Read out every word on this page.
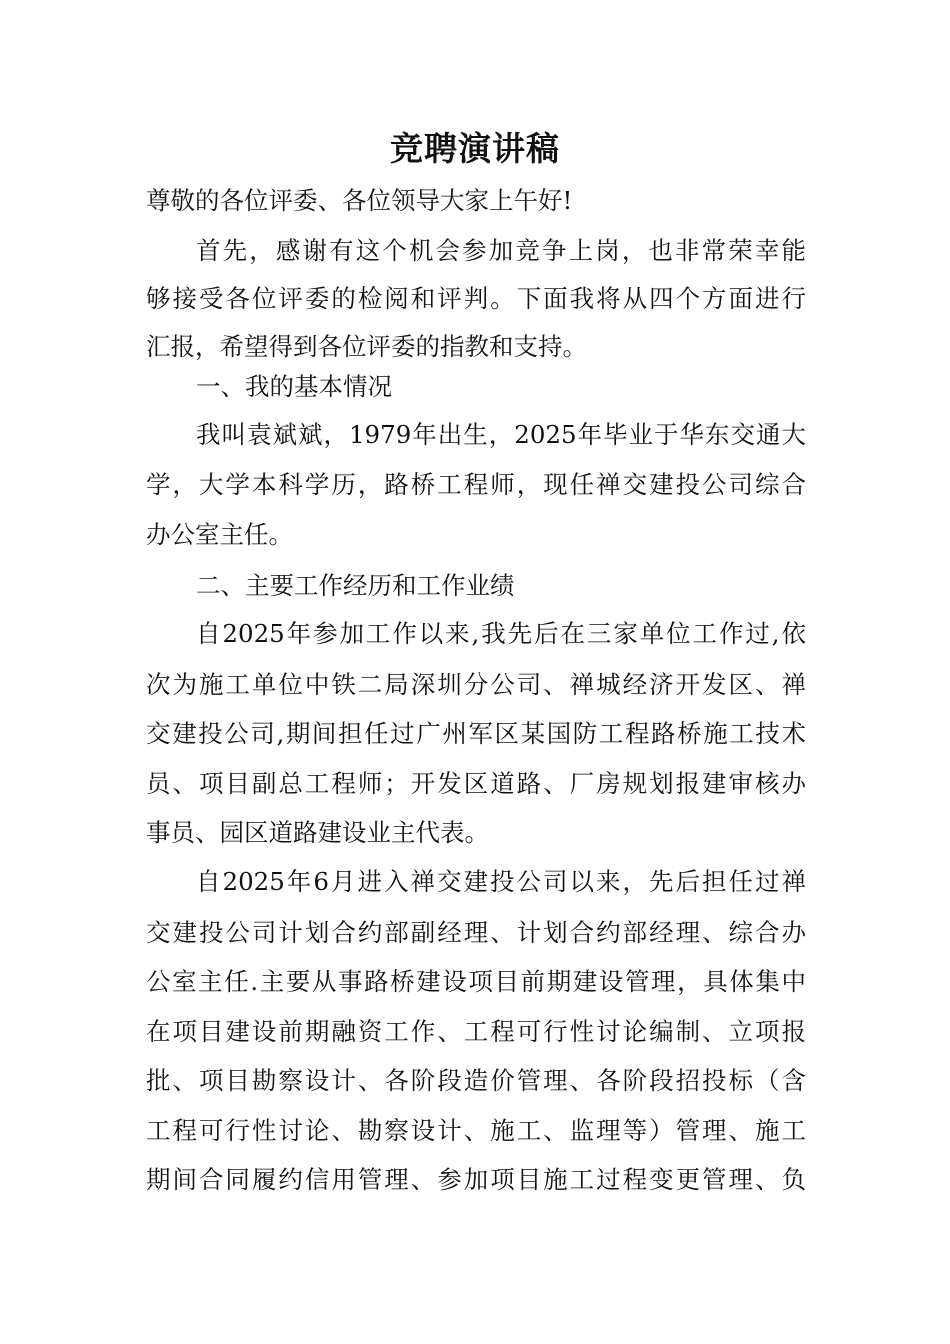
竞聘演讲稿
尊敬的各位评委、各位领导大家上午好!
首先，感谢有这个机会参加竞争上岗，也非常荣幸能
够接受各位评委的检阅和评判。下面我将从四个方面进行
汇报，希望得到各位评委的指教和支持。
一、我的基本情况
我叫袁斌斌，1979年出生，2025年毕业于华东交通大
学，大学本科学历，路桥工程师，现任禅交建投公司综合
办公室主任。
二、主要工作经历和工作业绩
自2025年参加工作以来,我先后在三家单位工作过,依
次为施工单位中铁二局深圳分公司、禅城经济开发区、禅
交建投公司,期间担任过广州军区某国防工程路桥施工技术
员、项目副总工程师；开发区道路、厂房规划报建审核办
事员、园区道路建设业主代表。
自2025年6月进入禅交建投公司以来，先后担任过禅
交建投公司计划合约部副经理、计划合约部经理、综合办
公室主任.主要从事路桥建设项目前期建设管理，具体集中
在项目建设前期融资工作、工程可行性讨论编制、立项报
批、项目勘察设计、各阶段造价管理、各阶段招投标（含
工程可行性讨论、勘察设计、施工、监理等）管理、施工
期间合同履约信用管理、参加项目施工过程变更管理、负
